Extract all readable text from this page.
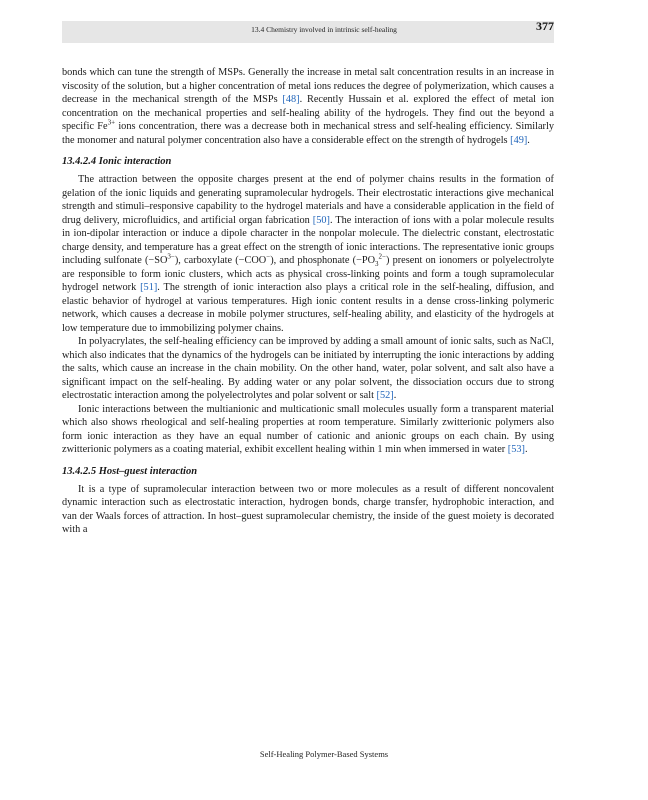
13.4 Chemistry involved in intrinsic self-healing	377

bonds which can tune the strength of MSPs. Generally the increase in metal salt concentration results in an increase in viscosity of the solution, but a higher concentration of metal ions reduces the degree of polymerization, which causes a decrease in the mechanical strength of the MSPs [48]. Recently Hussain et al. explored the effect of metal ion concentration on the mechanical properties and self-healing ability of the hydrogels. They find out the beyond a specific $Fe^{3+}$ ions concentration, there was a decrease both in mechanical stress and self-healing efficiency. Similarly the monomer and natural polymer concentration also have a considerable effect on the strength of hydrogels [49].

13.4.2.4 Ionic interaction

The attraction between the opposite charges present at the end of polymer chains results in the formation of gelation of the ionic liquids and generating supramolecular hydrogels. Their electrostatic interactions give mechanical strength and stimuli–responsive capability to the hydrogel materials and have a considerable application in the field of drug delivery, microfluidics, and artificial organ fabrication [50]. The interaction of ions with a polar molecule results in ion-dipolar interaction or induce a dipole character in the nonpolar molecule. The dielectric constant, electrostatic charge density, and temperature has a great effect on the strength of ionic interactions. The representative ionic groups including sulfonate $(-SO^{3-})$, carboxylate (−COO−), and phosphonate $(-PO_3^{2-})$ present on ionomers or polyelectrolyte are responsible to form ionic clusters, which acts as physical cross-linking points and form a tough supramolecular hydrogel network [51]. The strength of ionic interaction also plays a critical role in the self-healing, diffusion, and elastic behavior of hydrogel at various temperatures. High ionic content results in a dense cross-linking polymeric network, which causes a decrease in mobile polymer structures, self-healing ability, and elasticity of the hydrogels at low temperature due to immobilizing polymer chains.

In polyacrylates, the self-healing efficiency can be improved by adding a small amount of ionic salts, such as NaCl, which also indicates that the dynamics of the hydrogels can be initiated by interrupting the ionic interactions by adding the salts, which cause an increase in the chain mobility. On the other hand, water, polar solvent, and salt also have a significant impact on the self-healing. By adding water or any polar solvent, the dissociation occurs due to strong electrostatic interaction among the polyelectrolytes and polar solvent or salt [52].

Ionic interactions between the multianionic and multicationic small molecules usually form a transparent material which also shows rheological and self-healing properties at room temperature. Similarly zwitterionic polymers also form ionic interaction as they have an equal number of cationic and anionic groups on each chain. By using zwitterionic polymers as a coating material, exhibit excellent healing within 1 min when immersed in water [53].

13.4.2.5 Host–guest interaction

It is a type of supramolecular interaction between two or more molecules as a result of different noncovalent dynamic interaction such as electrostatic interaction, hydrogen bonds, charge transfer, hydrophobic interaction, and van der Waals forces of attraction. In host–guest supramolecular chemistry, the inside of the guest moiety is decorated with a

Self-Healing Polymer-Based Systems
